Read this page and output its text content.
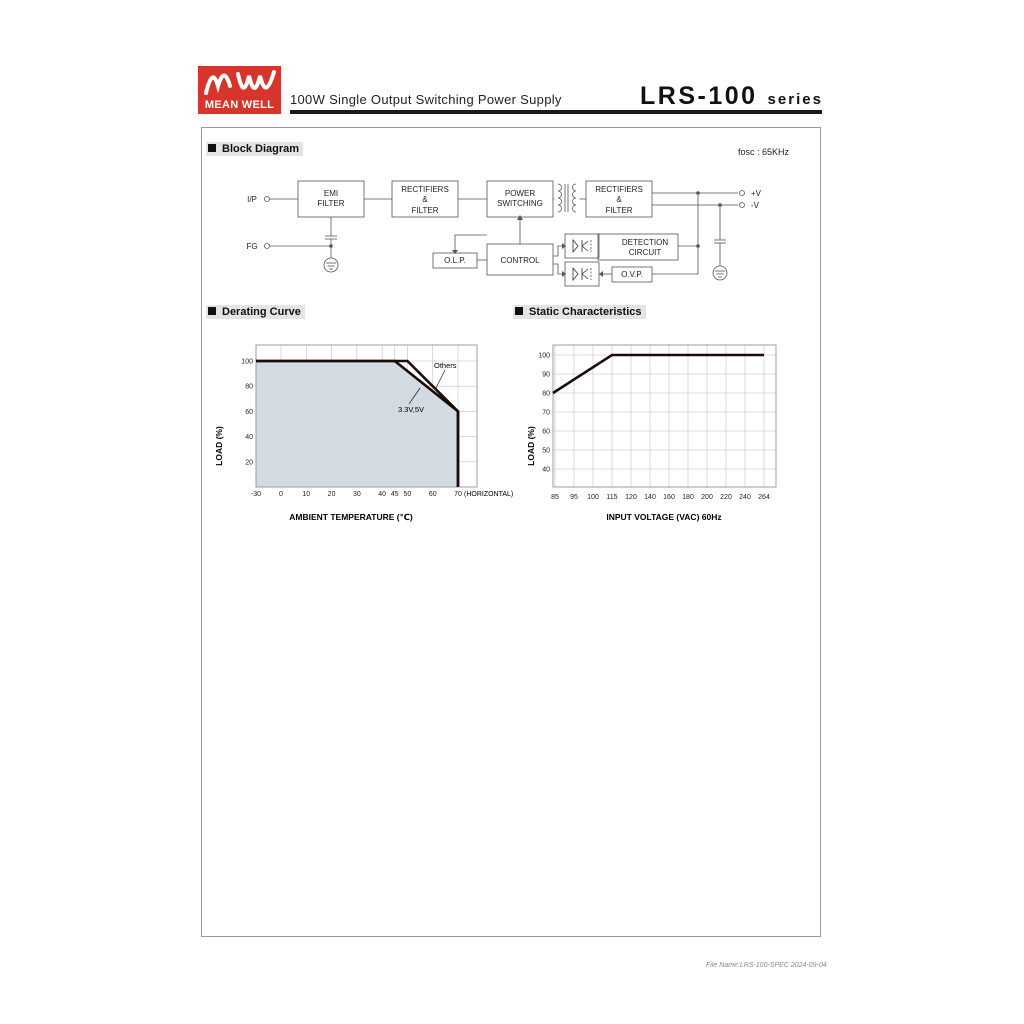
MEAN WELL	100W Single Output Switching Power Supply	LRS-100 series
Block Diagram	fosc : 65KHz
I/P
FG
EMI
FILTER
RECTIFIERS
&
FILTER
POWER
SWITCHING
RECTIFIERS
&
FILTER
DETECTION
CIRCUIT
O.L.P.	CONTROL
O.V.P.
+V
-V
Derating Curve
-30	0	10 20 30 40 45 50 60 70
20
40
60
80
100
LOAD (%)
AMBIENT TEMPERATURE (℃)
(HORIZONTAL)
Others
3.3V,5V
Static Characteristics
85 95 100 115 120 140 160 180 200 220 240 264
40
50
60
70
80
90
100
LOAD (%)
INPUT VOLTAGE (VAC) 60Hz
File Name:LRS-100-SPEC 2024-09-04
